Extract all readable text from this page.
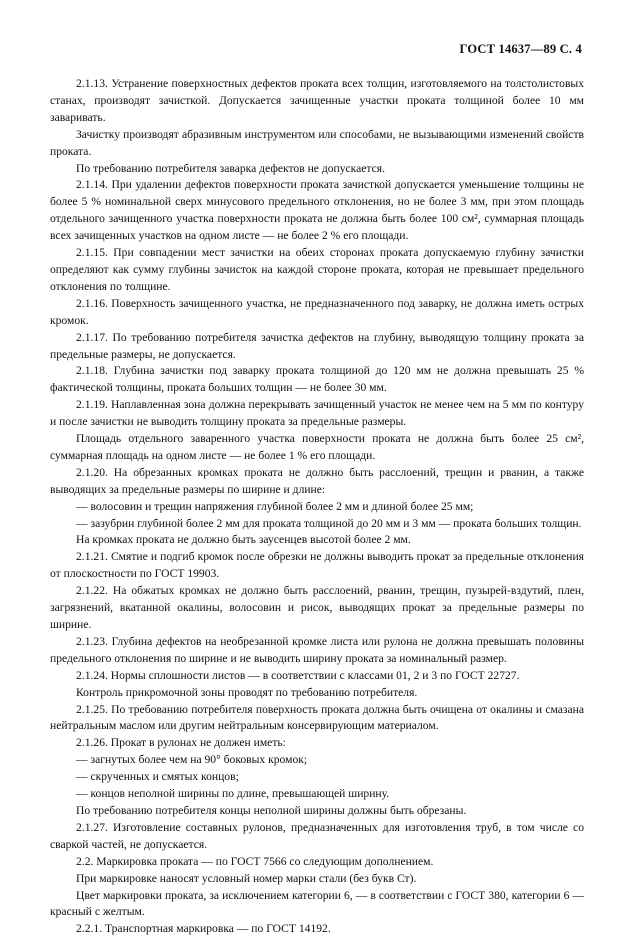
ГОСТ 14637—89 С. 4

2.1.13. Устранение поверхностных дефектов проката всех толщин, изготовляемого на толстолистовых станах, производят зачисткой. Допускается зачищенные участки проката толщиной более 10 мм заваривать.

Зачистку производят абразивным инструментом или способами, не вызывающими изменений свойств проката.

По требованию потребителя заварка дефектов не допускается.

2.1.14. При удалении дефектов поверхности проката зачисткой допускается уменьшение толщины не более 5 % номинальной сверх минусового предельного отклонения, но не более 3 мм, при этом площадь отдельного зачищенного участка поверхности проката не должна быть более 100 см², суммарная площадь всех зачищенных участков на одном листе — не более 2 % его площади.

2.1.15. При совпадении мест зачистки на обеих сторонах проката допускаемую глубину зачистки определяют как сумму глубины зачисток на каждой стороне проката, которая не превышает предельного отклонения по толщине.

2.1.16. Поверхность зачищенного участка, не предназначенного под заварку, не должна иметь острых кромок.

2.1.17. По требованию потребителя зачистка дефектов на глубину, выводящую толщину проката за предельные размеры, не допускается.

2.1.18. Глубина зачистки под заварку проката толщиной до 120 мм не должна превышать 25 % фактической толщины, проката больших толщин — не более 30 мм.

2.1.19. Наплавленная зона должна перекрывать зачищенный участок не менее чем на 5 мм по контуру и после зачистки не выводить толщину проката за предельные размеры.

Площадь отдельного заваренного участка поверхности проката не должна быть более 25 см², суммарная площадь на одном листе — не более 1 % его площади.

2.1.20. На обрезанных кромках проката не должно быть расслоений, трещин и рванин, а также выводящих за предельные размеры по ширине и длине:

— волосовин и трещин напряжения глубиной более 2 мм и длиной более 25 мм;

— зазубрин глубиной более 2 мм для проката толщиной до 20 мм и 3 мм — проката больших толщин.

На кромках проката не должно быть заусенцев высотой более 2 мм.

2.1.21. Смятие и подгиб кромок после обрезки не должны выводить прокат за предельные отклонения от плоскостности по ГОСТ 19903.

2.1.22. На обжатых кромках не должно быть расслоений, рванин, трещин, пузырей-вздутий, плен, загрязнений, вкатанной окалины, волосовин и рисок, выводящих прокат за предельные размеры по ширине.

2.1.23. Глубина дефектов на необрезанной кромке листа или рулона не должна превышать половины предельного отклонения по ширине и не выводить ширину проката за номинальный размер.

2.1.24. Нормы сплошности листов — в соответствии с классами 01, 2 и 3 по ГОСТ 22727.

Контроль прикромочной зоны проводят по требованию потребителя.

2.1.25. По требованию потребителя поверхность проката должна быть очищена от окалины и смазана нейтральным маслом или другим нейтральным консервирующим материалом.

2.1.26. Прокат в рулонах не должен иметь:

— загнутых более чем на 90° боковых кромок;

— скрученных и смятых концов;

— концов неполной ширины по длине, превышающей ширину.

По требованию потребителя концы неполной ширины должны быть обрезаны.

2.1.27. Изготовление составных рулонов, предназначенных для изготовления труб, в том числе со сваркой частей, не допускается.

2.2. Маркировка проката — по ГОСТ 7566 со следующим дополнением.

При маркировке наносят условный номер марки стали (без букв Ст).

Цвет маркировки проката, за исключением категории 6, — в соответствии с ГОСТ 380, категории 6 — красный с желтым.

2.2.1. Транспортная маркировка — по ГОСТ 14192.
